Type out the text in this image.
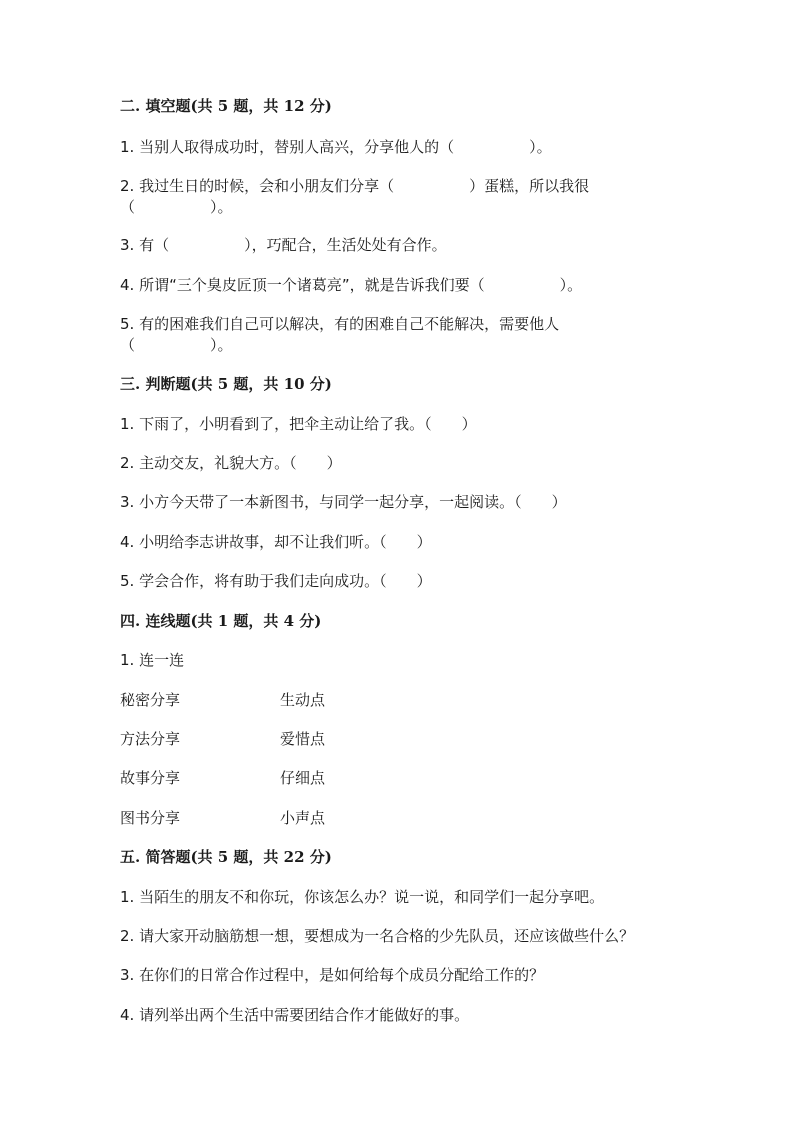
二. 填空题(共 5 题，共 12 分)
1. 当别人取得成功时，替别人高兴，分享他人的（　　　　　）。
2. 我过生日的时候，会和小朋友们分享（　　　　　）蛋糕，所以我很
（　　　　　）。
3. 有（　　　　　），巧配合，生活处处有合作。
4. 所谓“三个臭皮匠顶一个诸葛亮”，就是告诉我们要（　　　　　）。
5. 有的困难我们自己可以解决，有的困难自己不能解决，需要他人
（　　　　　）。
三. 判断题(共 5 题，共 10 分)
1. 下雨了，小明看到了，把伞主动让给了我。（　　）
2. 主动交友，礼貌大方。（　　）
3. 小方今天带了一本新图书，与同学一起分享，一起阅读。（　　）
4. 小明给李志讲故事，却不让我们听。（　　）
5. 学会合作，将有助于我们走向成功。（　　）
四. 连线题(共 1 题，共 4 分)
1. 连一连
秘密分享	生动点
方法分享	爱惜点
故事分享	仔细点
图书分享	小声点
五. 简答题(共 5 题，共 22 分)
1. 当陌生的朋友不和你玩，你该怎么办？说一说，和同学们一起分享吧。
2. 请大家开动脑筋想一想，要想成为一名合格的少先队员，还应该做些什么？
3. 在你们的日常合作过程中，是如何给每个成员分配给工作的？
4. 请列举出两个生活中需要团结合作才能做好的事。
